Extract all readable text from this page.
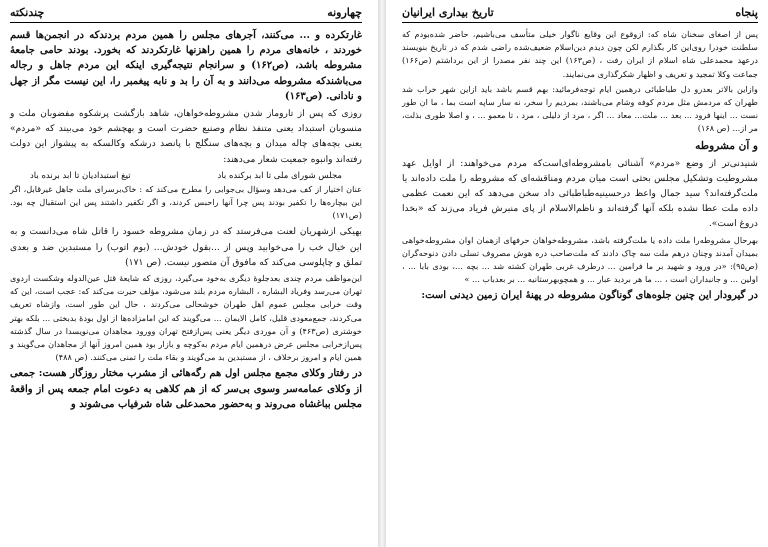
چهارونه
چندنکته

غارتکرده و ... می‌کنند، آجرهای مجلس را همین مردم بردندکه در انجمن‌ها قسم خوردند ، خانه‌های مردم را همین راهزنها غارتکردند که بخورد. بودند حامی جامعهٔ مشروطه باشد، (ص۱۶۲) و سرانجام نتیجه‌گیری اینکه این مردم جاهل و رجاله می‌باشندکه مشروطه می‌دانند و به آن را بد و نابه پیغمبر را، این نیست مگر از جهل و نادانی. (ص۱۶۳)

روزی که پس از تاروماز شدن مشروطه‌خواهان، شاهد بازگشت پرشکوه مفضوبان ملت و منسوبان استبداد یعنی متنفذ نظام وصنیع حضرت است و بهچشم خود می‌بیند که «مردم» یعنی بچه‌های چاله میدان و بچه‌های سنگلج با پانصد درشکه وکالسکه به پیشواز این دولت رفته‌اند وانبوه جمعیت شعار می‌دهند:

مجلس شورای ملی تا ابد برکنده باد
تیغ استبدادیان تا ابد برنده باد

عنان اختیار از کف می‌دهد وسؤال بی‌جوابی را مطرح می‌کند که : خاک‌برسرای ملت جاهل غیرقابل، اگر این بیچاره‌ها را تکفیر بودند پس چرا آنها راحبس کردند، و اگر تکفیر داشتند پس این استقبال چه بود. (ص۱۷۱)

بهیکی ازشهریان لعنت می‌فرستد که در زمان مشروطه خسود را قاتل شاه می‌دانست و به این خیال خب را می‌خوابید وپس از ...بقول خودش... (بوم اتوب) را مستبدین ضد و بعدی تملق و چاپلوسی می‌کند که مافوق آن متصور نیست. (ص ۱۷۱)

این‌مواظف مردم چندی بعدجلوهٔ دیگری به‌خود می‌گیرد، روزی که شایعهٔ قتل عین‌الدوله وشکست اردوی تهران می‌رسد وفریاد البشاره ، البشاره مردم بلند می‌شود، مؤلف حیرت می‌کند که: عجب است، این که وقت خرابی مجلس عموم اهل طهران خوشحالی می‌کردند ، حال این طور است، وازشاه تعریف می‌کردند، جمع‌معودی قلیل، کامل الایمان ... می‌گویند که این امامزاده‌ها از اول بودهٔ بدبختی ... بلکه بهتر خوشتری (ص۴۶۳) و آن موردی دیگر یعنی پس‌ازفتح تهران وورود مجاهدان می‌نویسدا در سال گذشته پس‌ازخرابی مجلس عرض درهمین ایام مردم به‌کوچه و بازار بود همین امروز آنها از مجاهدان می‌گویند و همین ایام و امروز برخلاف ، از مستبدین بد می‌گویند و بقاء ملت را تمنی می‌کنند. (ص ۴۸۸)

در رفتار وکلای مجمع مجلس اول هم رگه‌هائی از مشرب مختار روزگار هست: جمعی از وکلای عمامه‌سر وسوی بی‌سر که از هم کلاهی به دعوت امام جمعه پس از واقعهٔ مجلس بباغشاه می‌روند و به‌حضور محمدعلی شاه شرفیاب می‌شوند و

پنجاه
تاریخ بیداری ایرانیان

پس از اصغای سخنان شاه که: ازوقوع این وقایع ناگوار خیلی متأسف می‌باشیم، حاضر شده‌بودم که سلطنت خودرا روی‌این کار بگذارم لکن چون دیدم دین‌اسلام ضعیف‌شده‌ راضی شدم که در تاریخ بنویسند درعهد محمدعلی شاه اسلام از ایران رفت ، (ص۱۶۳) این چند نفر مصدرا از این برداشتم (ص۱۶۶) جماعت وکلا تمجید و تعریف و اظهار شکرگذاری می‌نمایند.

وازاین بالاتر بعدرو دل طباطبائی درهمین ایام توجه‌فرمائید: بهم قسم باشد باید ازاین شهر خراب شد طهران که مردمش مثل مردم کوفه وشام می‌باشند، بمردیم را سخر، نه سار ساپه است بما ، ما ان طور نست ... اینها فرود ... بعد ... ملت... معاد ... اگر ، مرد از دلیلی ، مرد ، تا معمو ... ، و اصلا طوری بذلت، مر از... (ص ۱۶۸)

و آن مشروطه

شنیدنی‌تر از وضع «مردم» آشنائی بامشروطه‌ای‌است‌که مردم می‌خواهند: از اوایل عهد مشروطیت وتشکیل مجلس بحثی است میان مردم ومناقشه‌ای که مشروطه را ملت داده‌اند یا ملت‌گرفته‌اند؟ سید جمال واعظ درحسینیه‌طباطبائی داد سخن می‌دهد که این نعمت عظمی داده ملت عطا نشده بلکه آنها گرفته‌اند و ناظم‌الاسلام از پای منبرش فریاد می‌زند که «بخدا دروغ است».

بهرحال مشروطه‌را ملت داده یا ملت‌گرفته باشد، مشروطه‌خواهان حرفهای ازهمان اوان مشروطه‌خواهی بمیدان آمدند وچنان درهم ملت سه چاک دادند که ملت‌صاحب دره هوش مصروف تسلی دادن دنوحه‌گران (ص۹۵): «در ورود و شهید بر ما فرامین ... درطرف غربی طهران کشته شد ... بچه ...، بودی بابا ... ، اولین ... و جانبداران است ، ... ما هر بردید عبار ... و همچوبهرستانیه ... بر بعد‌باب ... »

در گیرودار این چنین جلوه‌های گوناگون مشروطه در پهنهٔ ایران زمین دیدنی است:
